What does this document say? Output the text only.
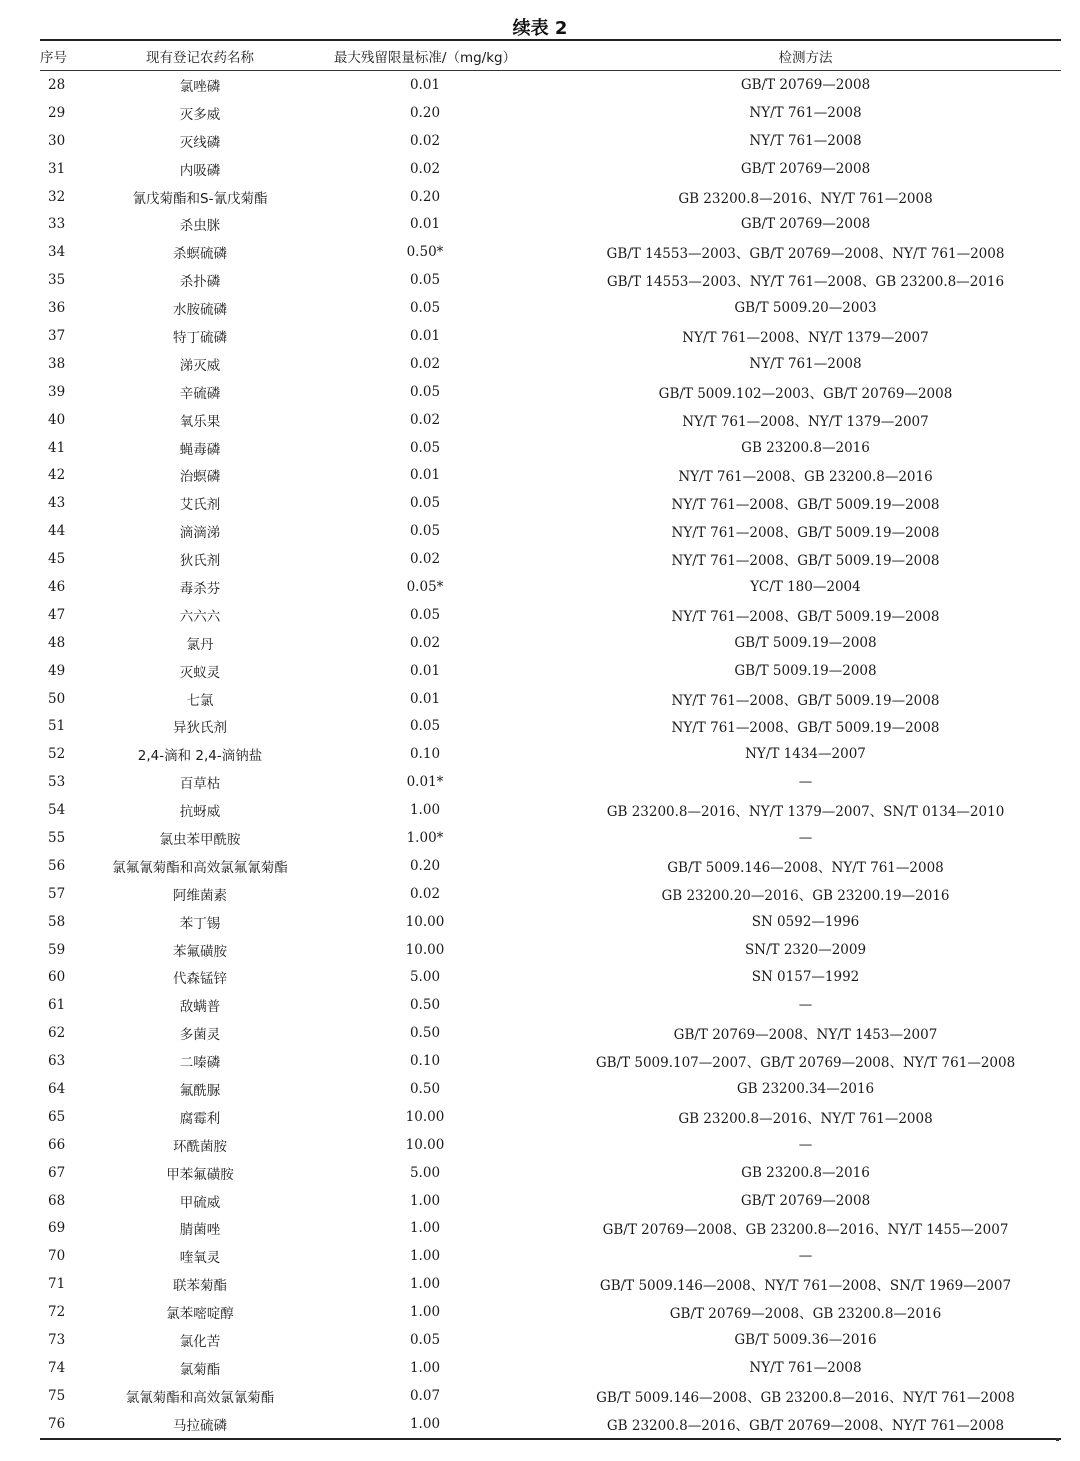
续表 2
序号	现有登记农药名称	最大残留限量标准/（mg/kg）	检测方法
28	氯唑磷	0.01	GB/T 20769—2008
29	灭多威	0.20	NY/T 761—2008
30	灭线磷	0.02	NY/T 761—2008
31	内吸磷	0.02	GB/T 20769—2008
32	氰戊菊酯和S-氰戊菊酯	0.20	GB 23200.8—2016、NY/T 761—2008
33	杀虫脒	0.01	GB/T 20769—2008
34	杀螟硫磷	0.50*	GB/T 14553—2003、GB/T 20769—2008、NY/T 761—2008
35	杀扑磷	0.05	GB/T 14553—2003、NY/T 761—2008、GB 23200.8—2016
36	水胺硫磷	0.05	GB/T 5009.20—2003
37	特丁硫磷	0.01	NY/T 761—2008、NY/T 1379—2007
38	涕灭威	0.02	NY/T 761—2008
39	辛硫磷	0.05	GB/T 5009.102—2003、GB/T 20769—2008
40	氧乐果	0.02	NY/T 761—2008、NY/T 1379—2007
41	蝇毒磷	0.05	GB 23200.8—2016
42	治螟磷	0.01	NY/T 761—2008、GB 23200.8—2016
43	艾氏剂	0.05	NY/T 761—2008、GB/T 5009.19—2008
44	滴滴涕	0.05	NY/T 761—2008、GB/T 5009.19—2008
45	狄氏剂	0.02	NY/T 761—2008、GB/T 5009.19—2008
46	毒杀芬	0.05*	YC/T 180—2004
47	六六六	0.05	NY/T 761—2008、GB/T 5009.19—2008
48	氯丹	0.02	GB/T 5009.19—2008
49	灭蚁灵	0.01	GB/T 5009.19—2008
50	七氯	0.01	NY/T 761—2008、GB/T 5009.19—2008
51	异狄氏剂	0.05	NY/T 761—2008、GB/T 5009.19—2008
52	2,4-滴和 2,4-滴钠盐	0.10	NY/T 1434—2007
53	百草枯	0.01*	—
54	抗蚜威	1.00	GB 23200.8—2016、NY/T 1379—2007、SN/T 0134—2010
55	氯虫苯甲酰胺	1.00*	—
56	氯氟氰菊酯和高效氯氟氰菊酯	0.20	GB/T 5009.146—2008、NY/T 761—2008
57	阿维菌素	0.02	GB 23200.20—2016、GB 23200.19—2016
58	苯丁锡	10.00	SN 0592—1996
59	苯氟磺胺	10.00	SN/T 2320—2009
60	代森锰锌	5.00	SN 0157—1992
61	敌螨普	0.50	—
62	多菌灵	0.50	GB/T 20769—2008、NY/T 1453—2007
63	二嗪磷	0.10	GB/T 5009.107—2007、GB/T 20769—2008、NY/T 761—2008
64	氟酰脲	0.50	GB 23200.34—2016
65	腐霉利	10.00	GB 23200.8—2016、NY/T 761—2008
66	环酰菌胺	10.00	—
67	甲苯氟磺胺	5.00	GB 23200.8—2016
68	甲硫威	1.00	GB/T 20769—2008
69	腈菌唑	1.00	GB/T 20769—2008、GB 23200.8—2016、NY/T 1455—2007
70	喹氧灵	1.00	—
71	联苯菊酯	1.00	GB/T 5009.146—2008、NY/T 761—2008、SN/T 1969—2007
72	氯苯嘧啶醇	1.00	GB/T 20769—2008、GB 23200.8—2016
73	氯化苦	0.05	GB/T 5009.36—2016
74	氯菊酯	1.00	NY/T 761—2008
75	氯氰菊酯和高效氯氰菊酯	0.07	GB/T 5009.146—2008、GB 23200.8—2016、NY/T 761—2008
76	马拉硫磷	1.00	GB 23200.8—2016、GB/T 20769—2008、NY/T 761—2008
